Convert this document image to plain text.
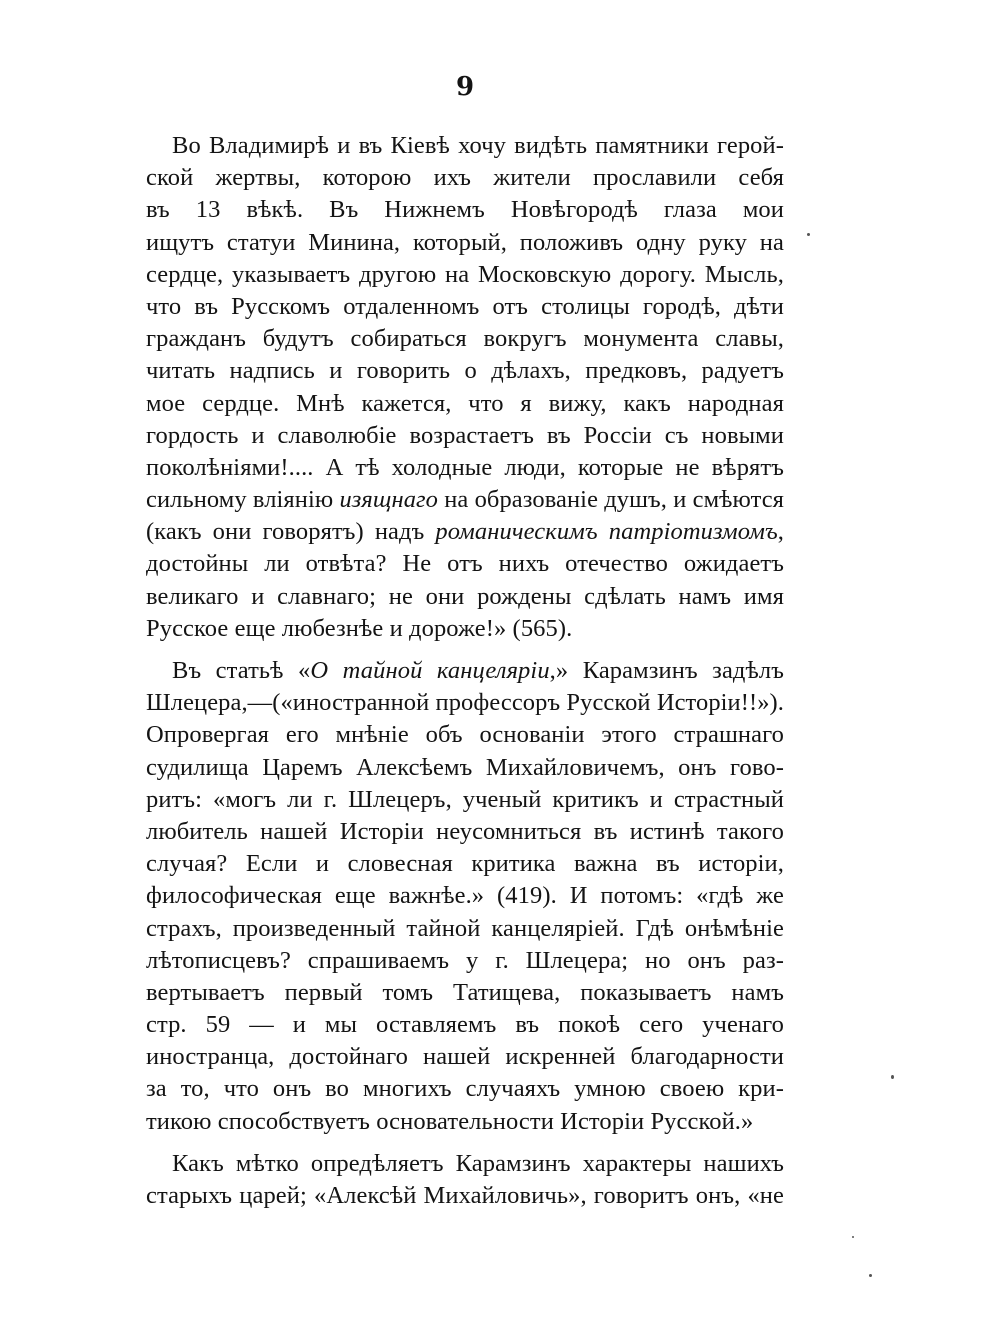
9
Во Владимирѣ и въ Кіевѣ хочу видѣть памятники герой-
ской жертвы, которою ихъ жители прославили себя
въ 13 вѣкѣ. Въ Нижнемъ Новѣгородѣ глаза мои
ищутъ статуи Минина, который, положивъ одну руку на
сердце, указываетъ другою на Московскую дорогу. Мысль,
что въ Русскомъ отдаленномъ отъ столицы городѣ, дѣти
гражданъ будутъ собираться вокругъ монумента славы,
читать надпись и говорить о дѣлахъ, предковъ, радуетъ
мое сердце. Мнѣ кажется, что я вижу, какъ народная
гордость и славолюбіе возрастаетъ въ Россіи съ новыми
поколѣніями!.... А тѣ холодные люди, которые не вѣрятъ
сильному вліянію изящнаго на образованіе душъ, и смѣются
(какъ они говорятъ) надъ романическимъ патріотизмомъ,
достойны ли отвѣта? Не отъ нихъ отечество ожидаетъ
великаго и славнаго; не они рождены сдѣлать намъ имя
Русское еще любезнѣе и дороже!» (565).
Въ статьѣ «О тайной канцеляріи,» Карамзинъ задѣлъ
Шлецера,—(«иностранной профессоръ Русской Исторіи!!»).
Опровергая его мнѣніе объ основаніи этого страшнаго
судилища Царемъ Алексѣемъ Михайловичемъ, онъ гово-
ритъ: «могъ ли г. Шлецеръ, ученый критикъ и страстный
любитель нашей Исторіи неусомниться въ истинѣ такого
случая? Если и словесная критика важна въ исторіи,
философическая еще важнѣе.» (419). И потомъ: «гдѣ же
страхъ, произведенный тайной канцеляріей. Гдѣ онѣмѣніе
лѣтописцевъ? спрашиваемъ у г. Шлецера; но онъ раз-
вертываетъ первый томъ Татищева, показываетъ намъ
стр. 59 — и мы оставляемъ въ покоѣ сего ученаго
иностранца, достойнаго нашей искренней благодарности
за то, что онъ во многихъ случаяхъ умною своею кри-
тикою способствуетъ основательности Исторіи Русской.»
Какъ мѣтко опредѣляетъ Карамзинъ характеры нашихъ
старыхъ царей; «Алексѣй Михайловичь», говоритъ онъ, «не
